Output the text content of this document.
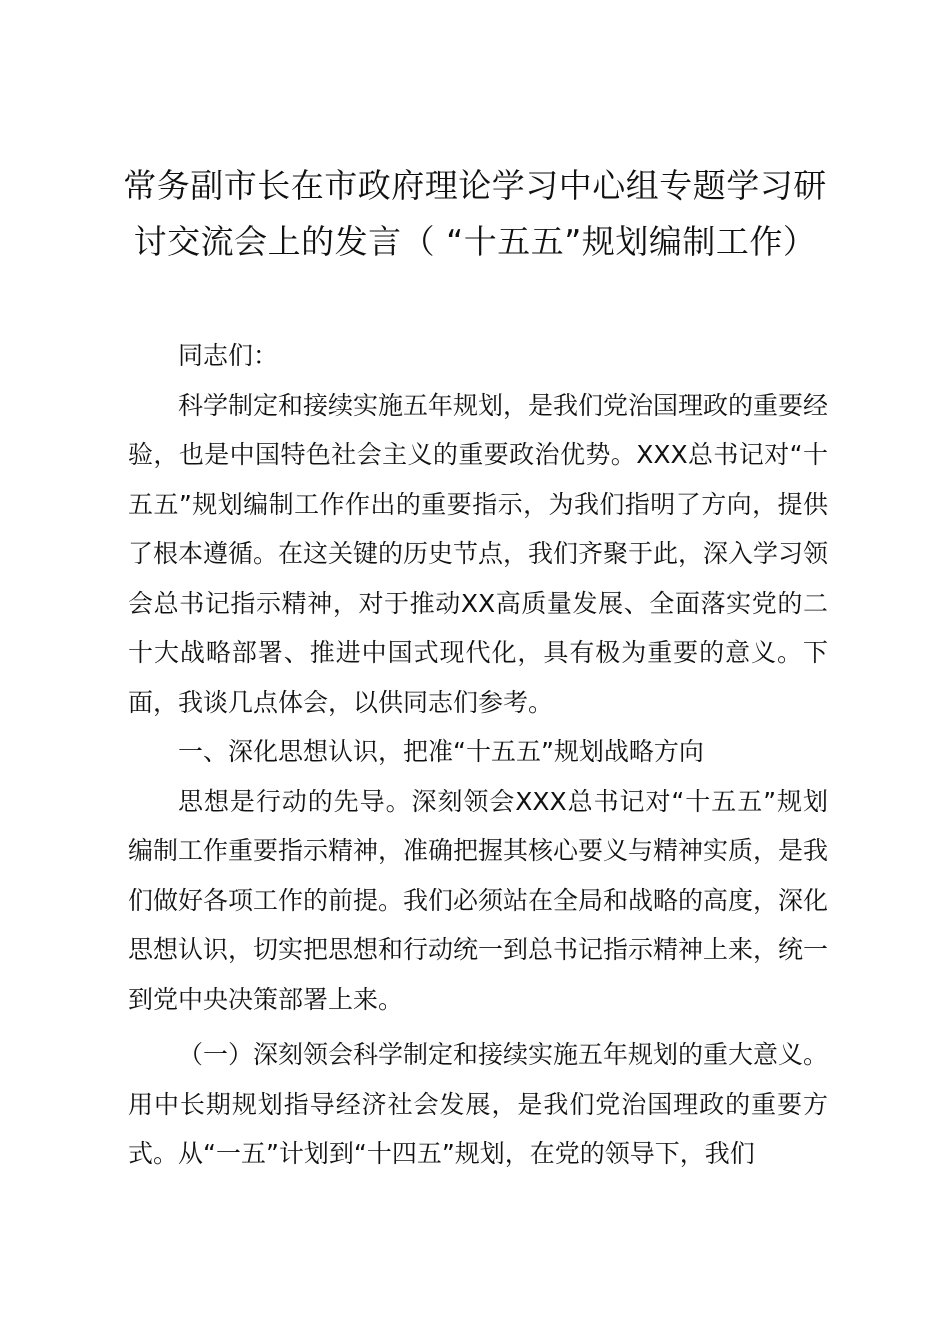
常务副市长在市政府理论学习中心组专题学习研讨交流会上的发言（ “十五五”规划编制工作）

同志们：

科学制定和接续实施五年规划，是我们党治国理政的重要经验，也是中国特色社会主义的重要政治优势。XXX总书记对“十五五”规划编制工作作出的重要指示，为我们指明了方向，提供了根本遵循。在这关键的历史节点，我们齐聚于此，深入学习领会总书记指示精神，对于推动XX高质量发展、全面落实党的二十大战略部署、推进中国式现代化，具有极为重要的意义。下面，我谈几点体会，以供同志们参考。

一、深化思想认识，把准“十五五”规划战略方向

思想是行动的先导。深刻领会XXX总书记对“十五五”规划编制工作重要指示精神，准确把握其核心要义与精神实质，是我们做好各项工作的前提。我们必须站在全局和战略的高度，深化思想认识，切实把思想和行动统一到总书记指示精神上来，统一到党中央决策部署上来。

（一）深刻领会科学制定和接续实施五年规划的重大意义。用中长期规划指导经济社会发展，是我们党治国理政的重要方式。从“一五”计划到“十四五”规划，在党的领导下，我们
